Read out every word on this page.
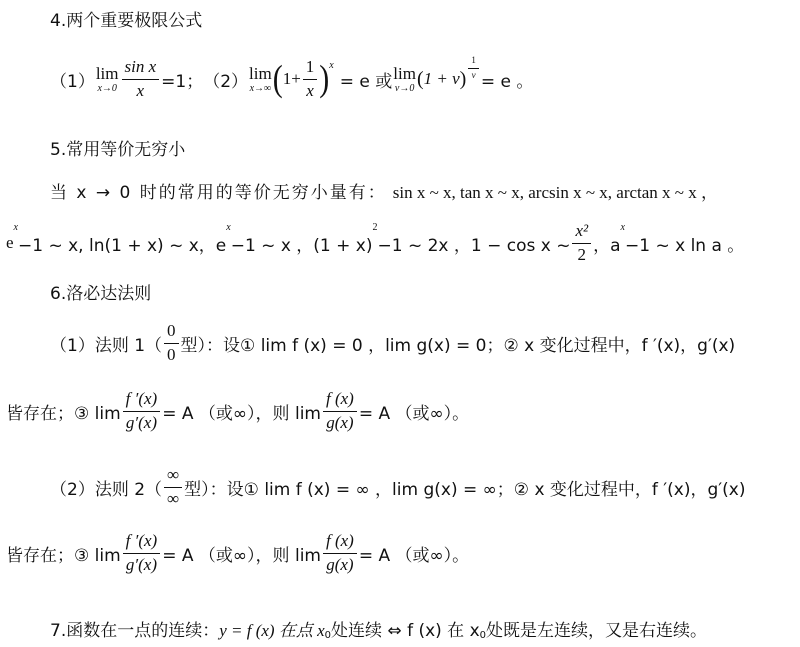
4.两个重要极限公式
（1） lim
$x\to 0 \frac{\text{sin x}}{x} =1$； （2） lim
x→∞ ( $1+ \frac{1}{x} )^x$
= e 或 lim
v→0 ( 1 + v ) $\frac{1}{v}$
= e 。
5.常用等价无穷小
当 x → 0 时的常用的等价无穷小量有： sin x ~ x, tan x ~ x, arcsin x ~ x, arctan x ~ x ，
e
x
−1 ~ x, ln(1 + x) ~ x，e
$^x$
−1 ~ x ，(1 + x)
$^2$
−1 ~ 2x ，1 − cos x ~ $\frac{\text{x²}}{2}$ ，a
$^x$
−1 ~ x ln a 。
6.洛必达法则
（1）法则 $1( \frac{0}{0}$ 型）：设① lim f (x) = 0 ，lim g(x) = 0；② x 变化过程中，f ′(x)，g′(x)
皆存在；③ $\lim \frac{f '(x)}{g'(x)} = A$ （或∞），则 $\lim \frac{f (x)}{g(x)} = A$ （或∞）。
（2）法则 $2( \frac{\infty}{\infty}$ 型）：设① lim f (x) = ∞ ，lim g(x) = ∞；② x 变化过程中，f ′(x)，g′(x)
皆存在；③ $\lim \frac{f '(x)}{g'(x)} = A$ （或∞），则 $\lim \frac{f (x)}{g(x)} = A$ （或∞）。
7.函数在一点的连续： y = f (x) 在点 $x_0$ 处连续 ⇔ f (x) 在 $x_0$ 处既是左连续，又是右连续。
